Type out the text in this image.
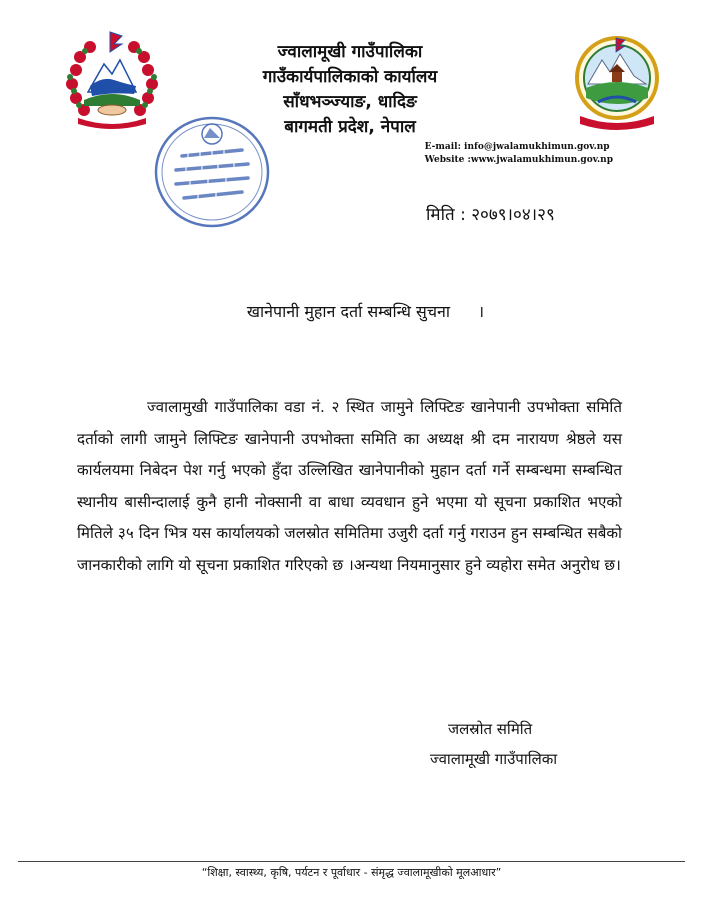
ज्वालामूखी गाउँपालिका
गाउँकार्यपालिकाको कार्यालय
साँधभञ्ज्याङ, धादिङ
बागमती प्रदेश, नेपाल
E-mail: info@jwalamukhimun.gov.np
Website :www.jwalamukhimun.gov.np
मिति : २०७९।०४।२९
खानेपानी मुहान दर्ता सम्बन्धि सुचना ।

ज्वालामुखी गाउँपालिका वडा नं. २ स्थित जामुने लिफ्टिङ खानेपानी उपभोक्ता समिति दर्ताको लागी जामुने लिफ्टिङ खानेपानी उपभोक्ता समिति का अध्यक्ष श्री दम नारायण श्रेष्ठले यस कार्यलयमा निबेदन पेश गर्नु भएको हुँदा उल्लिखित खानेपानीको मुहान दर्ता गर्ने सम्बन्धमा सम्बन्धित स्थानीय बासीन्दालाई कुनै हानी नोक्सानी वा बाधा व्यवधान हुने भएमा यो सूचना प्रकाशित भएको मितिले ३५ दिन भित्र यस कार्यालयको जलस्रोत समितिमा उजुरी दर्ता गर्नु गराउन हुन सम्बन्धित सबैको जानकारीको लागि यो सूचना प्रकाशित गरिएको छ ।अन्यथा नियमानुसार हुने व्यहोरा समेत अनुरोध छ।

जलस्रोत समिति
ज्वालामूखी गाउँपालिका
“शिक्षा, स्वास्थ्य, कृषि, पर्यटन र पूर्वाधार - संमृद्ध ज्वालामूखीको मूलआधार”
